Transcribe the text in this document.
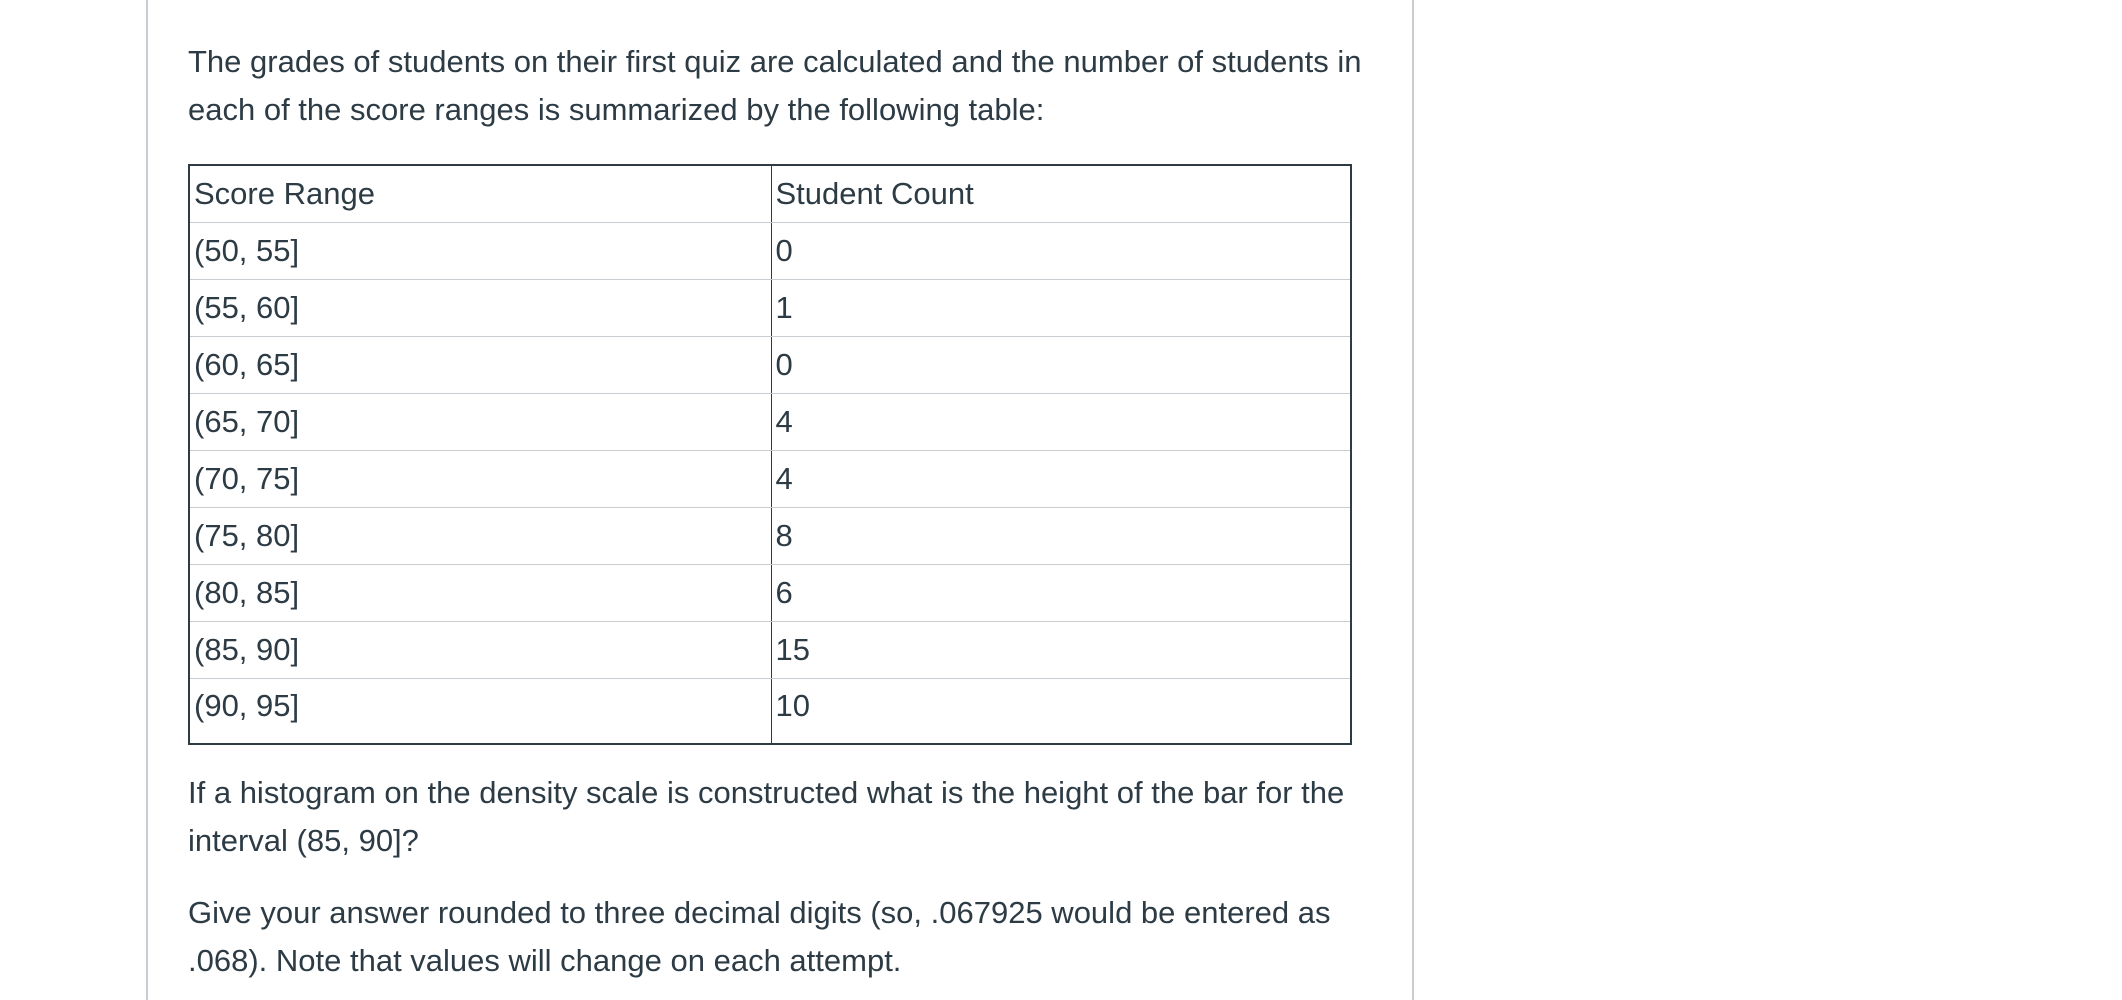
The grades of students on their first quiz are calculated and the number of students in each of the score ranges is summarized by the following table:

Score Range	Student Count
(50, 55]	0
(55, 60]	1
(60, 65]	0
(65, 70]	4
(70, 75]	4
(75, 80]	8
(80, 85]	6
(85, 90]	15
(90, 95]	10

If a histogram on the density scale is constructed what is the height of the bar for the interval (85, 90]?

Give your answer rounded to three decimal digits (so, .067925 would be entered as .068). Note that values will change on each attempt.
